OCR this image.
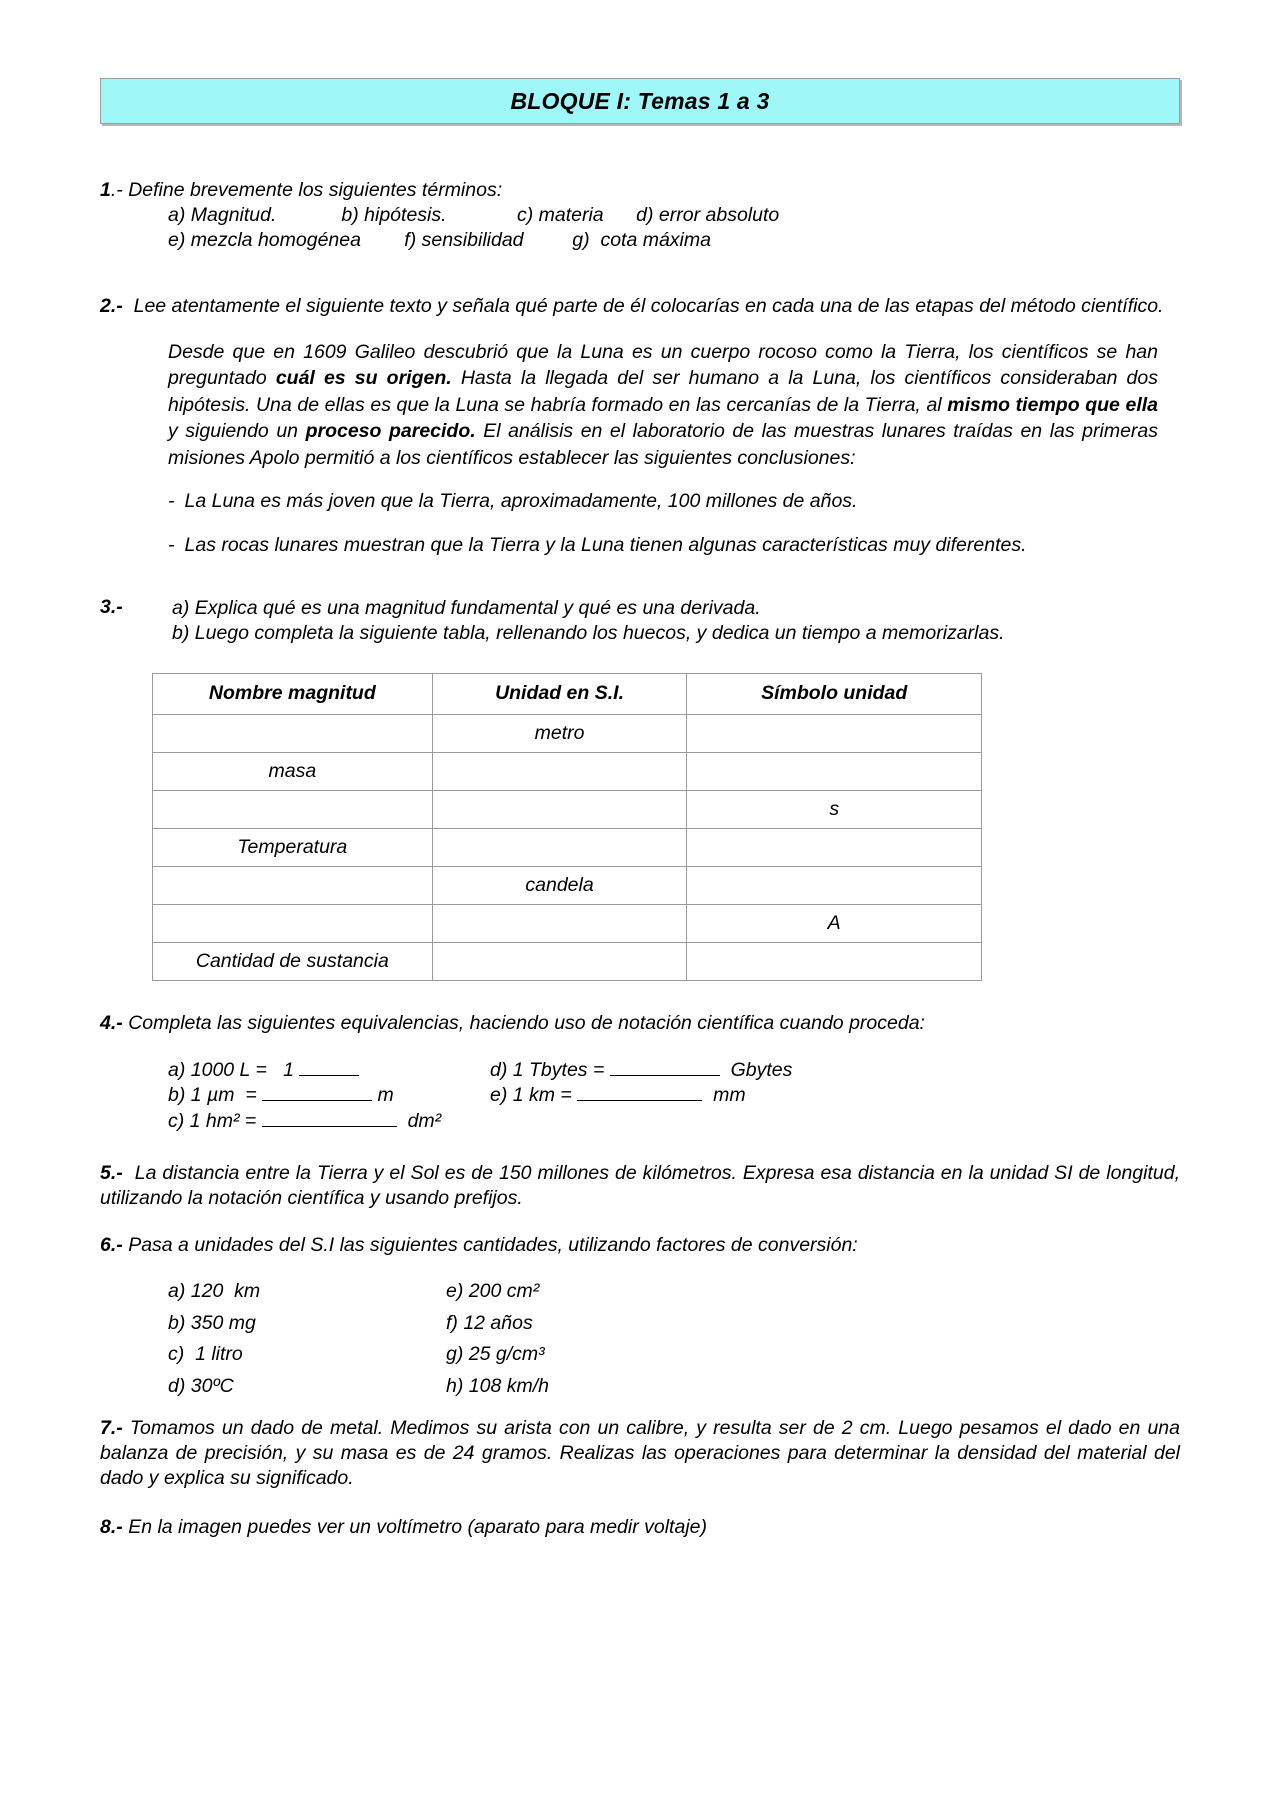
BLOQUE I: Temas 1 a 3
1.- Define brevemente los siguientes términos:
a) Magnitud.            b) hipótesis.             c) materia      d) error absoluto
e) mezcla homogénea        f) sensibilidad         g)  cota máxima
2.- Lee atentamente el siguiente texto y señala qué parte de él colocarías en cada una de las etapas del método científico.
Desde que en 1609 Galileo descubrió que la Luna es un cuerpo rocoso como la Tierra, los científicos se han preguntado cuál es su origen. Hasta la llegada del ser humano a la Luna, los científicos consideraban dos hipótesis. Una de ellas es que la Luna se habría formado en las cercanías de la Tierra, al mismo tiempo que ella y siguiendo un proceso parecido. El análisis en el laboratorio de las muestras lunares traídas en las primeras misiones Apolo permitió a los científicos establecer las siguientes conclusiones:
- La Luna es más joven que la Tierra, aproximadamente, 100 millones de años.
- Las rocas lunares muestran que la Tierra y la Luna tienen algunas características muy diferentes.
3.-	a) Explica qué es una magnitud fundamental y qué es una derivada.
b) Luego completa la siguiente tabla, rellenando los huecos, y dedica un tiempo a memorizarlas.
Nombre magnitud	Unidad en S.I.	Símbolo unidad
	metro	
masa		
		s
Temperatura		
	candela	
		A
Cantidad de sustancia		
4.- Completa las siguientes equivalencias, haciendo uso de notación científica cuando proceda:
a) 1000 L =   1	d) 1 Tbytes =	Gbytes
b) 1 µm  =	m	e) 1 km =	mm
c) 1 hm² =	dm²
5.- La distancia entre la Tierra y el Sol es de 150 millones de kilómetros. Expresa esa distancia en la unidad SI de longitud, utilizando la notación científica y usando prefijos.
6.- Pasa a unidades del S.I las siguientes cantidades, utilizando factores de conversión:
a) 120  km	e) 200 cm²
b) 350 mg	f) 12 años
c)  1 litro	g) 25 g/cm³
d) 30ºC	h) 108 km/h
7.- Tomamos un dado de metal. Medimos su arista con un calibre, y resulta ser de 2 cm. Luego pesamos el dado en una balanza de precisión, y su masa es de 24 gramos. Realizas las operaciones para determinar la densidad del material del dado y explica su significado.
8.- En la imagen puedes ver un voltímetro (aparato para medir voltaje)
